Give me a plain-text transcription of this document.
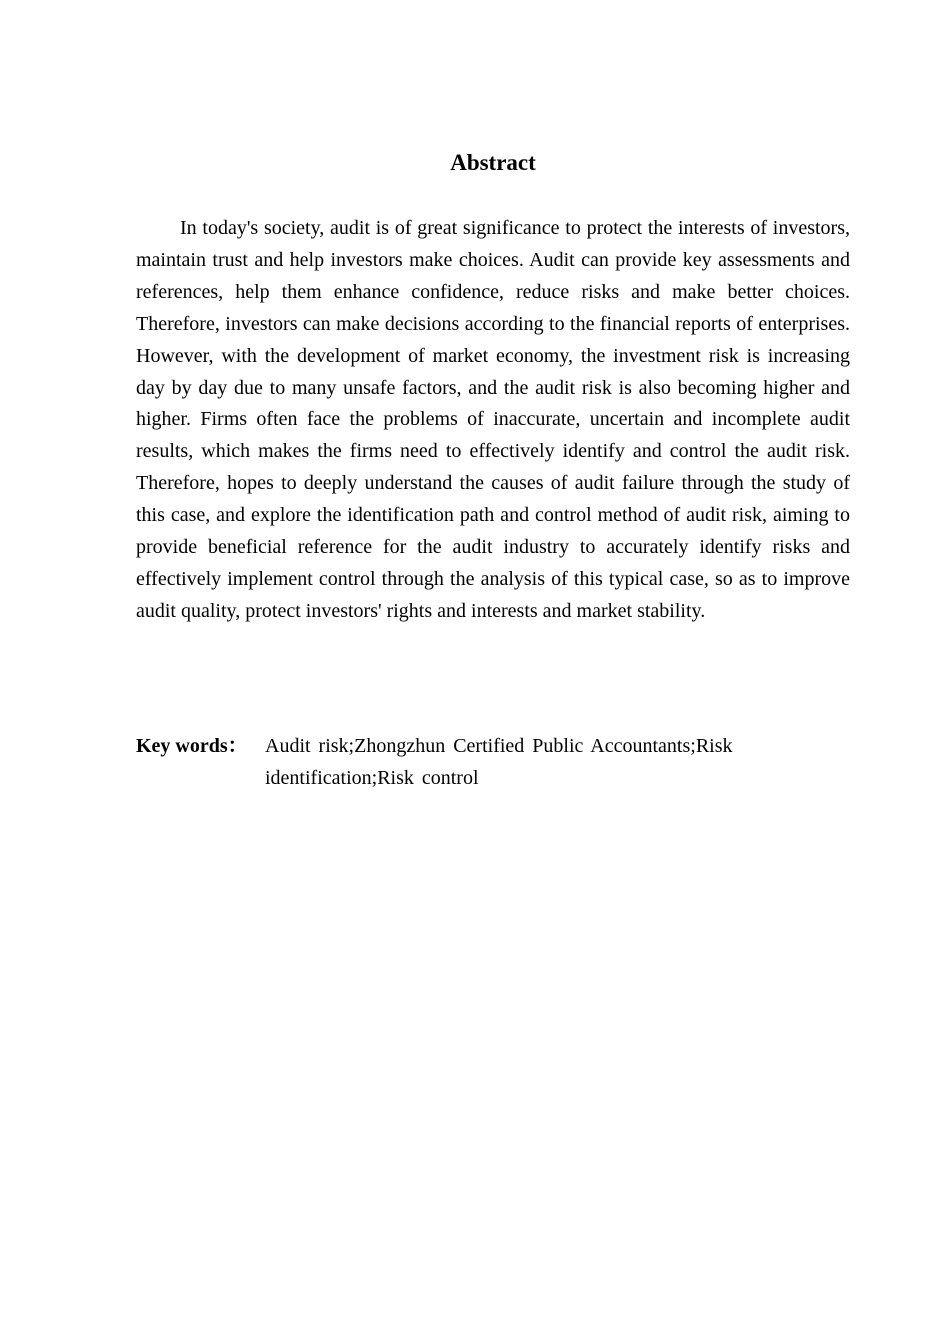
Abstract

In today's society, audit is of great significance to protect the interests of investors, maintain trust and help investors make choices. Audit can provide key assessments and references, help them enhance confidence, reduce risks and make better choices. Therefore, investors can make decisions according to the financial reports of enterprises. However, with the development of market economy, the investment risk is increasing day by day due to many unsafe factors, and the audit risk is also becoming higher and higher. Firms often face the problems of inaccurate, uncertain and incomplete audit results, which makes the firms need to effectively identify and control the audit risk. Therefore, hopes to deeply understand the causes of audit failure through the study of this case, and explore the identification path and control method of audit risk, aiming to provide beneficial reference for the audit industry to accurately identify risks and effectively implement control through the analysis of this typical case, so as to improve audit quality, protect investors' rights and interests and market stability.

Key words： Audit risk;Zhongzhun Certified Public Accountants;Risk identification;Risk control
